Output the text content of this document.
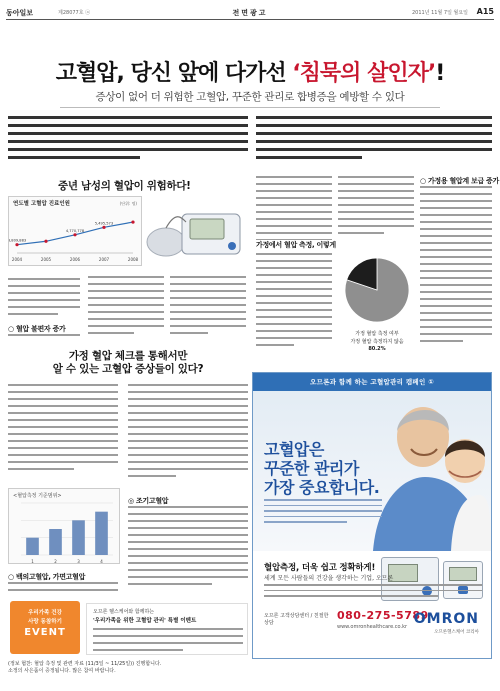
동아일보	제28077호 ⓐ	전면광고	2011년 11월 7일 월요일 A15
고혈압, 당신 앞에 다가선 ‘침묵의 살인자’!
증상이 없어 더 위험한 고혈압, 꾸준한 관리로 합병증을 예방할 수 있다
중년 남성의 혈압이 위험하다!
연도별 고혈압 진료인원	(단위: 명)
3,809,883
2004	2005
4,770,778
2006
5,495,573
2007	2008
○ 혈압 불편자 증가
가정 혈압 체크를 통해서만
알 수 있는 고혈압 증상들이 있다?
<혈압측정 기준범위>
1	2	3	4
○ 백의고혈압, 가면고혈압
◎ 조기고혈압
우리가족 건강
사랑 동참하기
EVENT
오므론 헬스케어와 함께하는
'우리가족을 위한 고혈압 관리' 특별 이벤트
(정보 협찬: 혈압 측정 및 관련 자료 (11/3일 ~ 11/25일)) 진행합니다.
소정의 사은품이 증정됩니다. 많은 참여 바랍니다.
가정에서 혈압 측정, 이렇게
가정 혈압 측정 여부
가정 혈압 측정하지 않음
80.2%
○ 가정용 혈압계 보급 증가
오므론과 함께 하는 고혈압관리 캠페인 ①
고혈압은
꾸준한 관리가
가장 중요합니다.
혈압측정, 더욱 쉽고 정확하게!
세계 모든 사람들의 건강을 생각하는 기업, 오므론
오므론 고객상담센터 / 친절한 상담
080-275-5789
www.omronhealthcare.co.kr OMRON
오므론헬스케어 코리아
